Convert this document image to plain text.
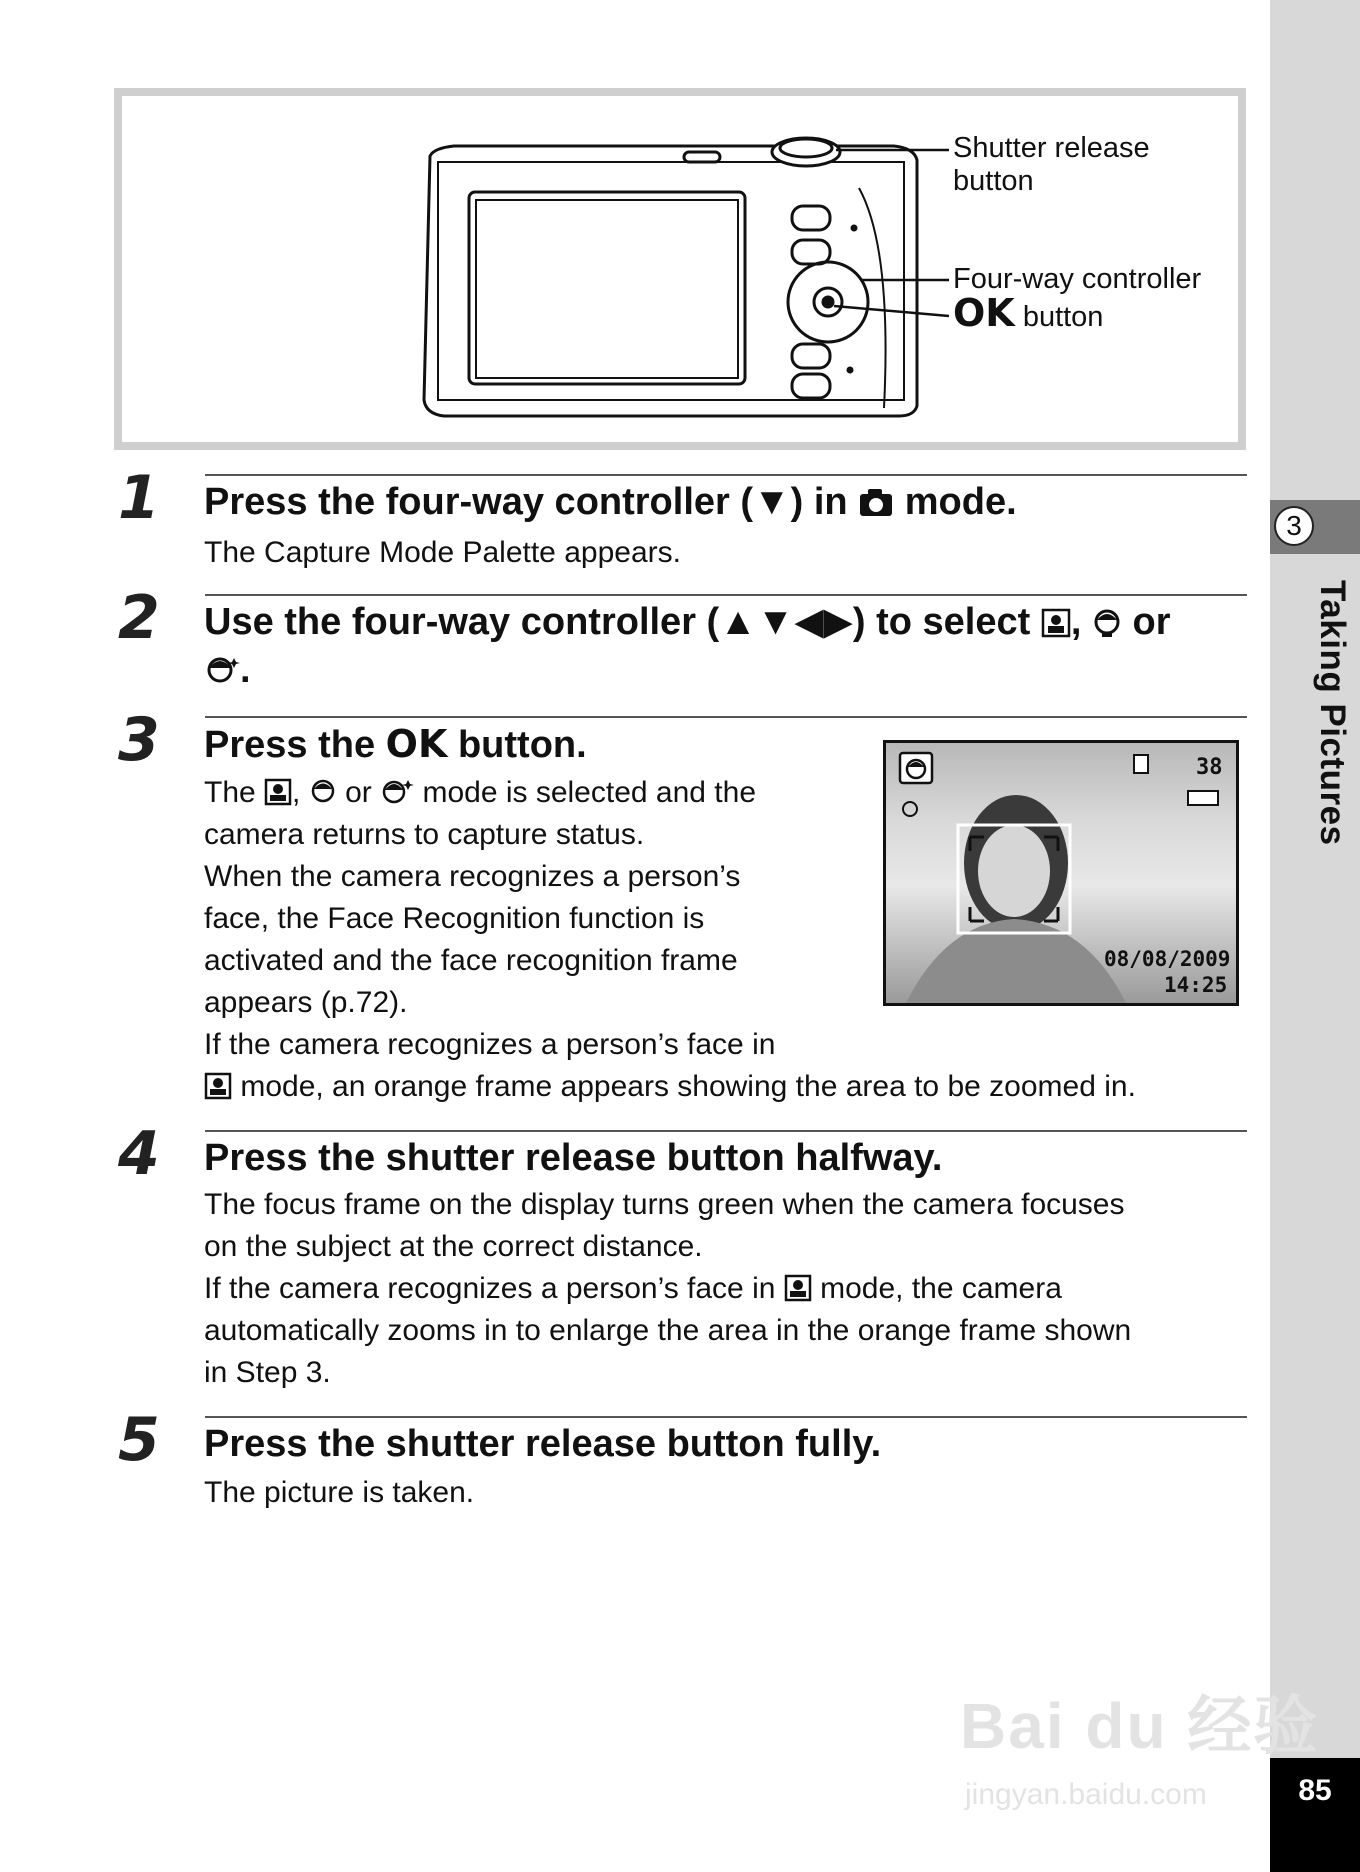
3
Taking Pictures
85
Shutter release
button
Four-way controller
OK button
1 Press the four-way controller (▼) in mode.
The Capture Mode Palette appears.
2 Use the four-way controller (▲▼◀▶) to select , or
.
3 Press the OK button.
The , or mode is selected and the
camera returns to capture status.
When the camera recognizes a person’s
face, the Face Recognition function is
activated and the face recognition frame
appears (p.72).
If the camera recognizes a person’s face in
mode, an orange frame appears showing the area to be zoomed in.
38
08/08/2009
14:25
4 Press the shutter release button halfway.
The focus frame on the display turns green when the camera focuses
on the subject at the correct distance.
If the camera recognizes a person’s face in mode, the camera
automatically zooms in to enlarge the area in the orange frame shown
in Step 3.
5 Press the shutter release button fully.
The picture is taken.
Bai du 经验
jingyan.baidu.com
